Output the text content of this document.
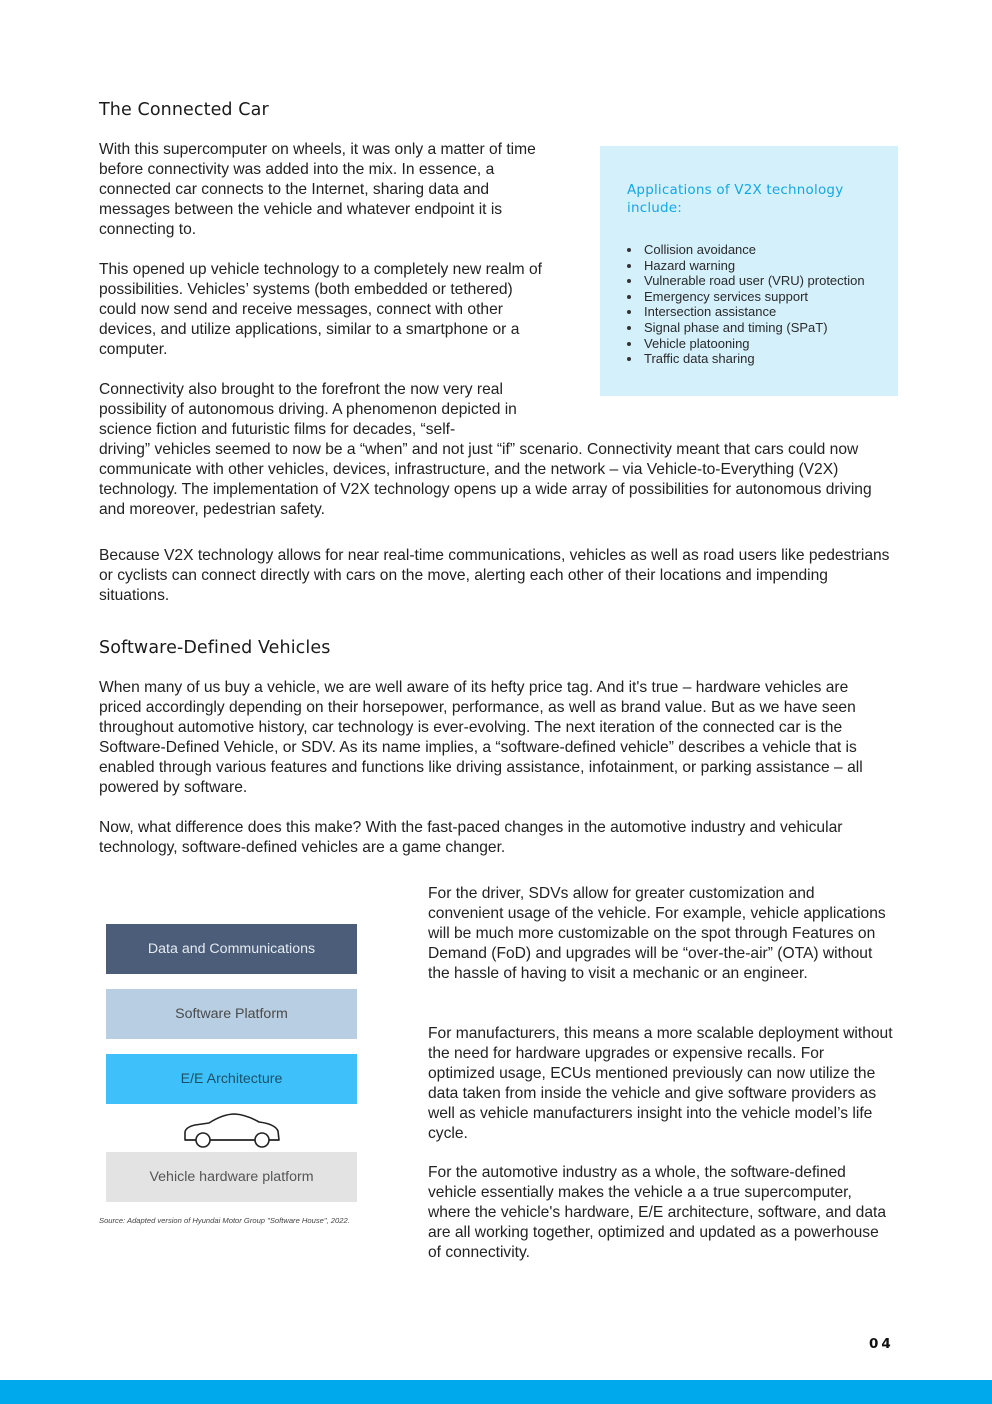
The Connected Car

With this supercomputer on wheels, it was only a matter of time before connectivity was added into the mix. In essence, a connected car connects to the Internet, sharing data and messages between the vehicle and whatever endpoint it is connecting to.

This opened up vehicle technology to a completely new realm of possibilities. Vehicles’ systems (both embedded or tethered) could now send and receive messages, connect with other devices, and utilize applications, similar to a smartphone or a computer.

Connectivity also brought to the forefront the now very real possibility of autonomous driving. A phenomenon depicted in science fiction and futuristic films for decades, “self-

driving” vehicles seemed to now be a “when” and not just “if” scenario. Connectivity meant that cars could now communicate with other vehicles, devices, infrastructure, and the network – via Vehicle-to-Everything (V2X) technology. The implementation of V2X technology opens up a wide array of possibilities for autonomous driving and moreover, pedestrian safety.

Because V2X technology allows for near real-time communications, vehicles as well as road users like pedestrians or cyclists can connect directly with cars on the move, alerting each other of their locations and impending situations.

Applications of V2X technology include:
Collision avoidance
Hazard warning
Vulnerable road user (VRU) protection
Emergency services support
Intersection assistance
Signal phase and timing (SPaT)
Vehicle platooning
Traffic data sharing
Software-Defined Vehicles

When many of us buy a vehicle, we are well aware of its hefty price tag. And it's true – hardware vehicles are priced accordingly depending on their horsepower, performance, as well as brand value. But as we have seen throughout automotive history, car technology is ever-evolving. The next iteration of the connected car is the Software-Defined Vehicle, or SDV. As its name implies, a “software-defined vehicle” describes a vehicle that is enabled through various features and functions like driving assistance, infotainment, or parking assistance – all powered by software.

Now, what difference does this make? With the fast-paced changes in the automotive industry and vehicular technology, software-defined vehicles are a game changer.

Data and Communications
Software Platform
E/E Architecture
Vehicle hardware platform
Source: Adapted version of Hyundai Motor Group "Software House", 2022.

For the driver, SDVs allow for greater customization and convenient usage of the vehicle. For example, vehicle applications will be much more customizable on the spot through Features on Demand (FoD) and upgrades will be “over-the-air” (OTA) without the hassle of having to visit a mechanic or an engineer.

For manufacturers, this means a more scalable deployment without the need for hardware upgrades or expensive recalls. For optimized usage, ECUs mentioned previously can now utilize the data taken from inside the vehicle and give software providers as well as vehicle manufacturers insight into the vehicle model’s life cycle.

For the automotive industry as a whole, the software-defined vehicle essentially makes the vehicle a a true supercomputer, where the vehicle's hardware, E/E architecture, software, and data are all working together, optimized and updated as a powerhouse of connectivity.

04
